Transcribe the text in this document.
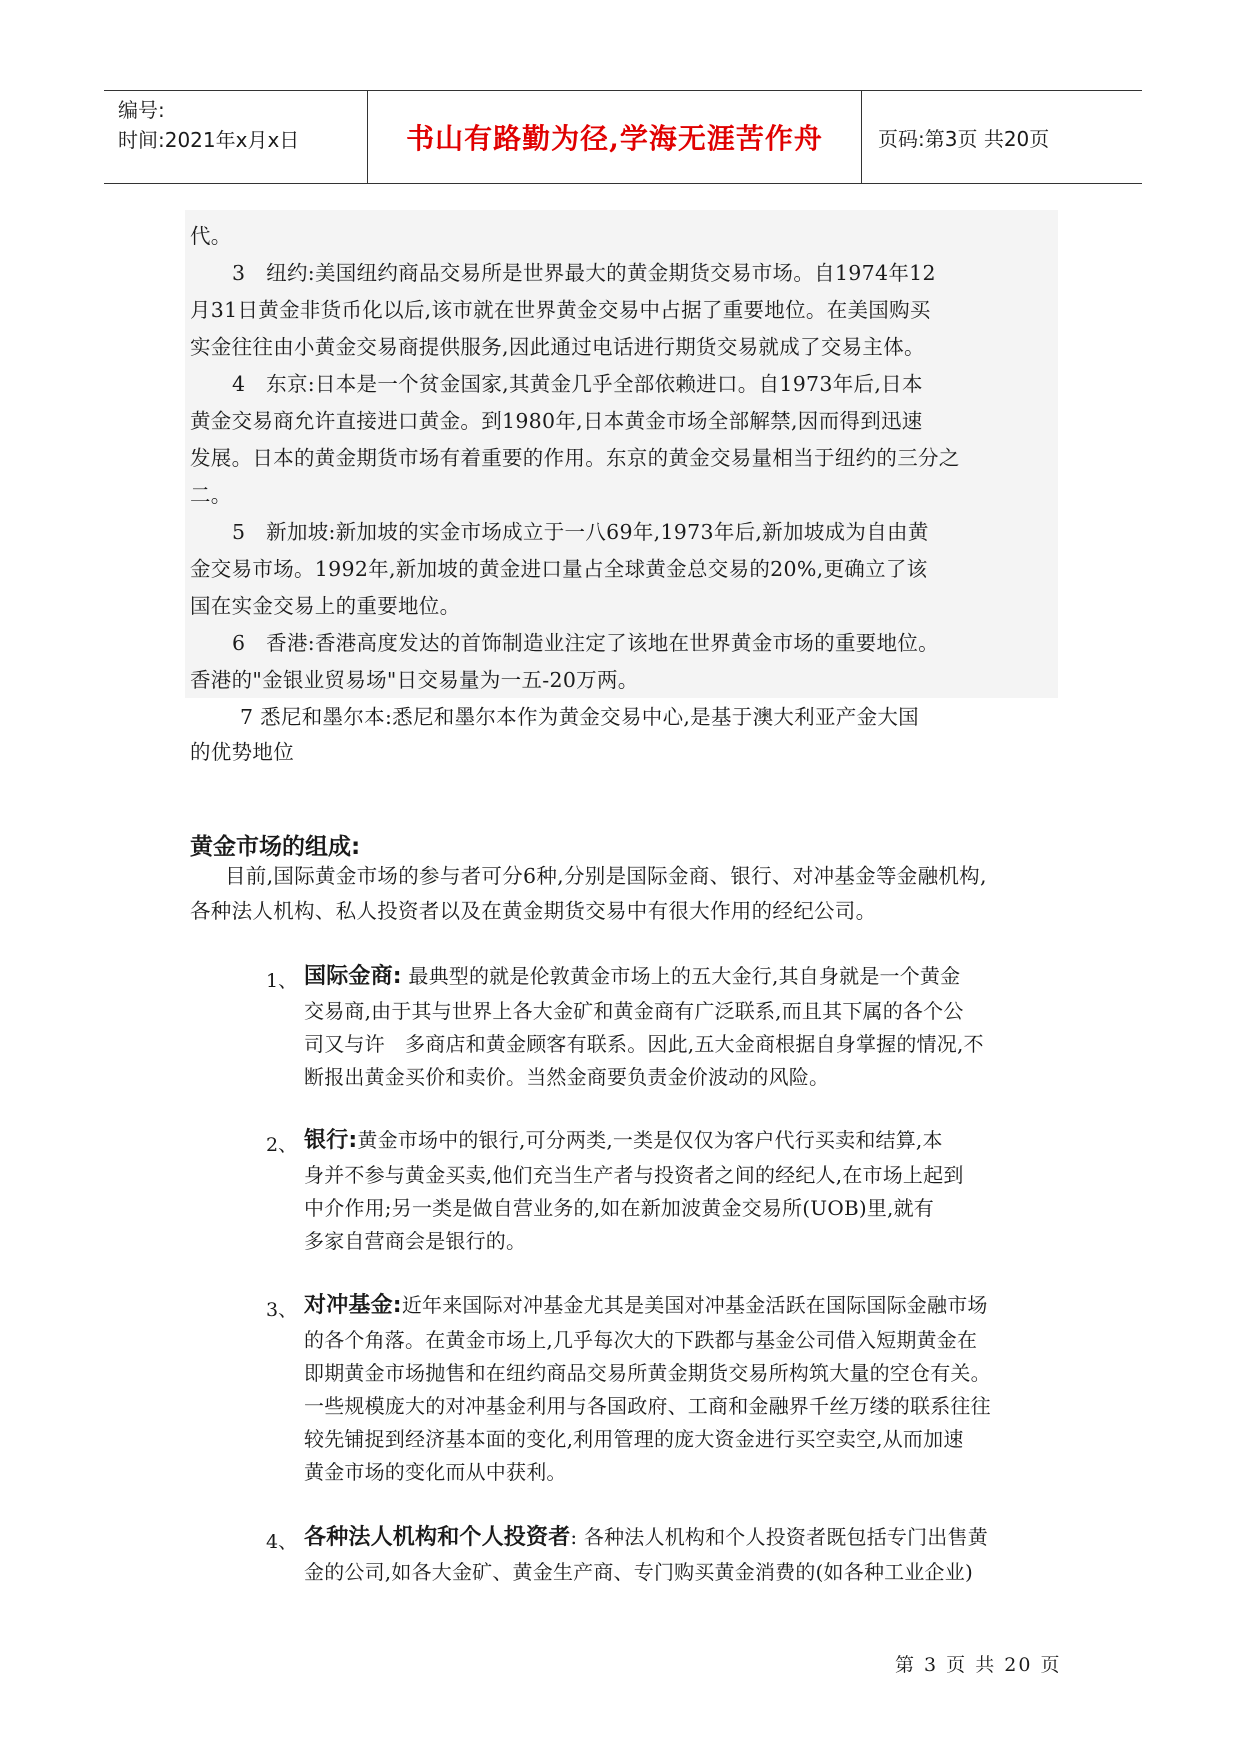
编号:
时间:2021年x月x日	书山有路勤为径,学海无涯苦作舟	页码:第3页 共20页
代。
3　纽约:美国纽约商品交易所是世界最大的黄金期货交易市场。自1974年12
月31日黄金非货币化以后,该市就在世界黄金交易中占据了重要地位。在美国购买
实金往往由小黄金交易商提供服务,因此通过电话进行期货交易就成了交易主体。
4　东京:日本是一个贫金国家,其黄金几乎全部依赖进口。自1973年后,日本
黄金交易商允许直接进口黄金。到1980年,日本黄金市场全部解禁,因而得到迅速
发展。日本的黄金期货市场有着重要的作用。东京的黄金交易量相当于纽约的三分之
二。
5　新加坡:新加坡的实金市场成立于一八69年,1973年后,新加坡成为自由黄
金交易市场。1992年,新加坡的黄金进口量占全球黄金总交易的20%,更确立了该
国在实金交易上的重要地位。
6　香港:香港高度发达的首饰制造业注定了该地在世界黄金市场的重要地位。
香港的"金银业贸易场"日交易量为一五-20万两。
7 悉尼和墨尔本:悉尼和墨尔本作为黄金交易中心,是基于澳大利亚产金大国
的优势地位
黄金市场的组成:
目前,国际黄金市场的参与者可分6种,分别是国际金商、银行、对冲基金等金融机构,
各种法人机构、私人投资者以及在黄金期货交易中有很大作用的经纪公司。
1、 国际金商: 最典型的就是伦敦黄金市场上的五大金行,其自身就是一个黄金
交易商,由于其与世界上各大金矿和黄金商有广泛联系,而且其下属的各个公
司又与许　多商店和黄金顾客有联系。因此,五大金商根据自身掌握的情况,不
断报出黄金买价和卖价。当然金商要负责金价波动的风险。
2、 银行:黄金市场中的银行,可分两类,一类是仅仅为客户代行买卖和结算,本
身并不参与黄金买卖,他们充当生产者与投资者之间的经纪人,在市场上起到
中介作用;另一类是做自营业务的,如在新加波黄金交易所(UOB)里,就有
多家自营商会是银行的。
3、 对冲基金:近年来国际对冲基金尤其是美国对冲基金活跃在国际国际金融市场
的各个角落。在黄金市场上,几乎每次大的下跌都与基金公司借入短期黄金在
即期黄金市场抛售和在纽约商品交易所黄金期货交易所构筑大量的空仓有关。
一些规模庞大的对冲基金利用与各国政府、工商和金融界千丝万缕的联系往往
较先铺捉到经济基本面的变化,利用管理的庞大资金进行买空卖空,从而加速
黄金市场的变化而从中获利。
4、 各种法人机构和个人投资者: 各种法人机构和个人投资者既包括专门出售黄
金的公司,如各大金矿、黄金生产商、专门购买黄金消费的(如各种工业企业)
第 3 页 共 20 页
